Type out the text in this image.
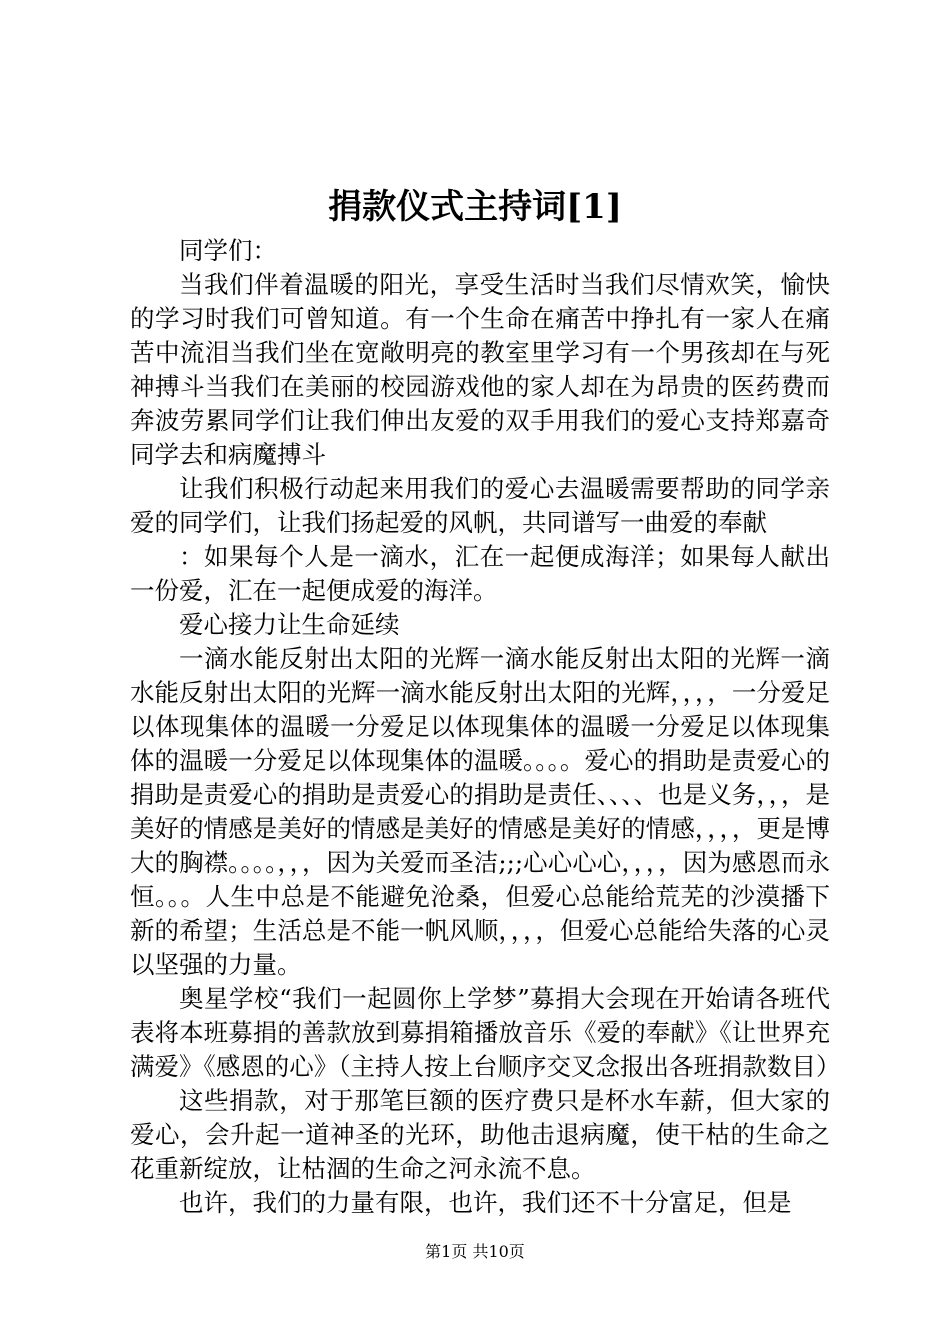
捐款仪式主持词[1]

同学们：

当我们伴着温暖的阳光，享受生活时当我们尽情欢笑，愉快的学习时我们可曾知道。有一个生命在痛苦中挣扎有一家人在痛苦中流泪当我们坐在宽敞明亮的教室里学习有一个男孩却在与死神搏斗当我们在美丽的校园游戏他的家人却在为昂贵的医药费而奔波劳累同学们让我们伸出友爱的双手用我们的爱心支持郑嘉奇同学去和病魔搏斗

让我们积极行动起来用我们的爱心去温暖需要帮助的同学亲爱的同学们，让我们扬起爱的风帆，共同谱写一曲爱的奉献

：如果每个人是一滴水，汇在一起便成海洋；如果每人献出一份爱，汇在一起便成爱的海洋。

爱心接力让生命延续

一滴水能反射出太阳的光辉一滴水能反射出太阳的光辉一滴水能反射出太阳的光辉一滴水能反射出太阳的光辉，，，，一分爱足以体现集体的温暖一分爱足以体现集体的温暖一分爱足以体现集体的温暖一分爱足以体现集体的温暖。。。。爱心的捐助是责爱心的捐助是责爱心的捐助是责爱心的捐助是责任、、、、也是义务，，，是美好的情感是美好的情感是美好的情感是美好的情感，，，，更是博大的胸襟。。。。，，，因为关爱而圣洁;;;心心心心，，，，因为感恩而永恒。。。人生中总是不能避免沧桑，但爱心总能给荒芜的沙漠播下新的希望；生活总是不能一帆风顺，，，，但爱心总能给失落的心灵以坚强的力量。

奥星学校“我们一起圆你上学梦”募捐大会现在开始请各班代表将本班募捐的善款放到募捐箱播放音乐《爱的奉献》《让世界充满爱》《感恩的心》（主持人按上台顺序交叉念报出各班捐款数目）

这些捐款，对于那笔巨额的医疗费只是杯水车薪，但大家的爱心，会升起一道神圣的光环，助他击退病魔，使干枯的生命之花重新绽放，让枯涸的生命之河永流不息。

也许，我们的力量有限，也许，我们还不十分富足，但是

第1页 共10页
